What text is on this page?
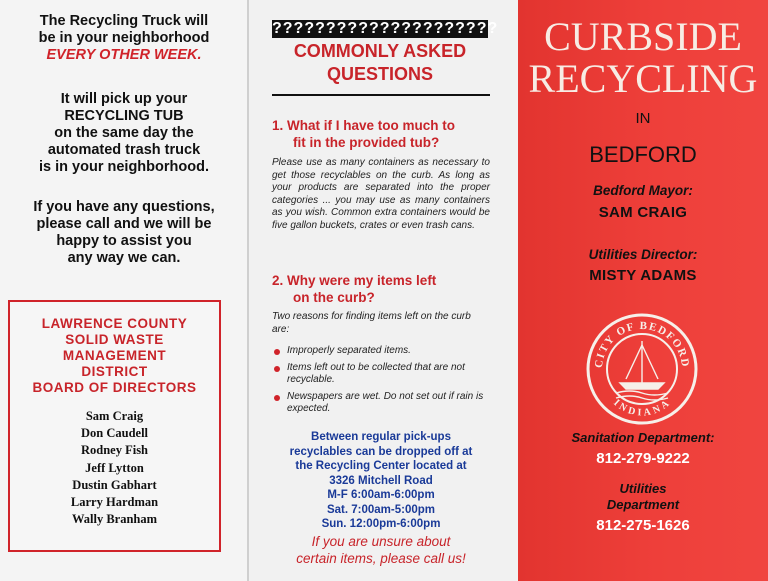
The Recycling Truck will
be in your neighborhood
EVERY OTHER WEEK.
It will pick up your
RECYCLING TUB
on the same day the
automated trash truck
is in your neighborhood.
If you have any questions,
please call and we will be
happy to assist you
any way we can.
LAWRENCE COUNTY
SOLID WASTE
MANAGEMENT
DISTRICT
BOARD OF DIRECTORS
Sam Craig
Don Caudell
Rodney Fish
Jeff Lytton
Dustin Gabhart
Larry Hardman
Wally Branham
?????????????????????
COMMONLY ASKED
QUESTIONS
1. What if I have too much to
fit in the provided tub?
Please use as many containers as necessary to get those recyclables on the curb. As long as your products are separated into the proper categories ... you may use as many containers as you wish. Common extra containers would be five gallon buckets, crates or even trash cans.
2. Why were my items left
on the curb?
Two reasons for finding items left on the curb are:
Improperly separated items.
Items left out to be collected that are not recyclable.
Newspapers are wet. Do not set out if rain is expected.
Between regular pick-ups
recyclables can be dropped off at
the Recycling Center located at
3326 Mitchell Road
M-F 6:00am-6:00pm
Sat. 7:00am-5:00pm
Sun. 12:00pm-6:00pm
If you are unsure about
certain items, please call us!
CURBSIDE
RECYCLING
IN
BEDFORD
Bedford Mayor:
SAM CRAIG
Utilities Director:
MISTY ADAMS
CITY OF BEDFORD
INDIANA
Sanitation Department:
812-279-9222
Utilities
Department
812-275-1626
